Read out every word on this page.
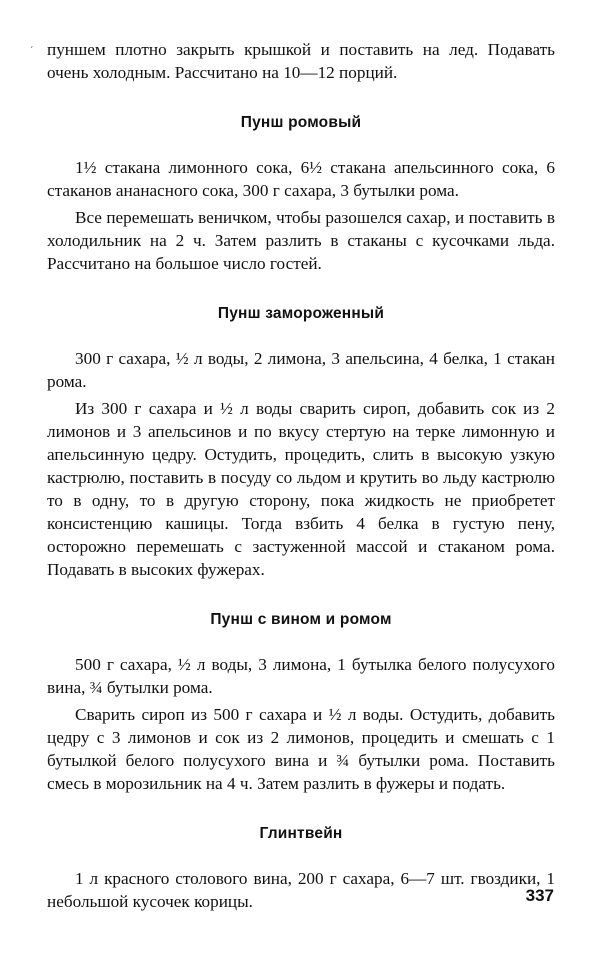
ˊ пуншем плотно закрыть крышкой и поставить на лед. Подавать очень холодным. Рассчитано на 10—12 порций.

Пунш ромовый

1½ стакана лимонного сока, 6½ стакана апельсинного сока, 6 стаканов ананасного сока, 300 г сахара, 3 бутылки рома.

Все перемешать веничком, чтобы разошелся сахар, и поставить в холодильник на 2 ч. Затем разлить в стаканы с кусочками льда. Рассчитано на большое число гостей.

Пунш замороженный

300 г сахара, ½ л воды, 2 лимона, 3 апельсина, 4 белка, 1 стакан рома.

Из 300 г сахара и ½ л воды сварить сироп, добавить сок из 2 лимонов и 3 апельсинов и по вкусу стертую на терке лимонную и апельсинную цедру. Остудить, процедить, слить в высокую узкую кастрюлю, поставить в посуду со льдом и крутить во льду кастрюлю то в одну, то в другую сторону, пока жидкость не приобретет консистенцию кашицы. Тогда взбить 4 белка в густую пену, осторожно перемешать с застуженной массой и стаканом рома. Подавать в высоких фужерах.

Пунш с вином и ромом

500 г сахара, ½ л воды, 3 лимона, 1 бутылка белого полусухого вина, ¾ бутылки рома.

Сварить сироп из 500 г сахара и ½ л воды. Остудить, добавить цедру с 3 лимонов и сок из 2 лимонов, процедить и смешать с 1 бутылкой белого полусухого вина и ¾ бутылки рома. Поставить смесь в морозильник на 4 ч. Затем разлить в фужеры и подать.

Глинтвейн

1 л красного столового вина, 200 г сахара, 6—7 шт. гвоздики, 1 небольшой кусочек корицы.	337
